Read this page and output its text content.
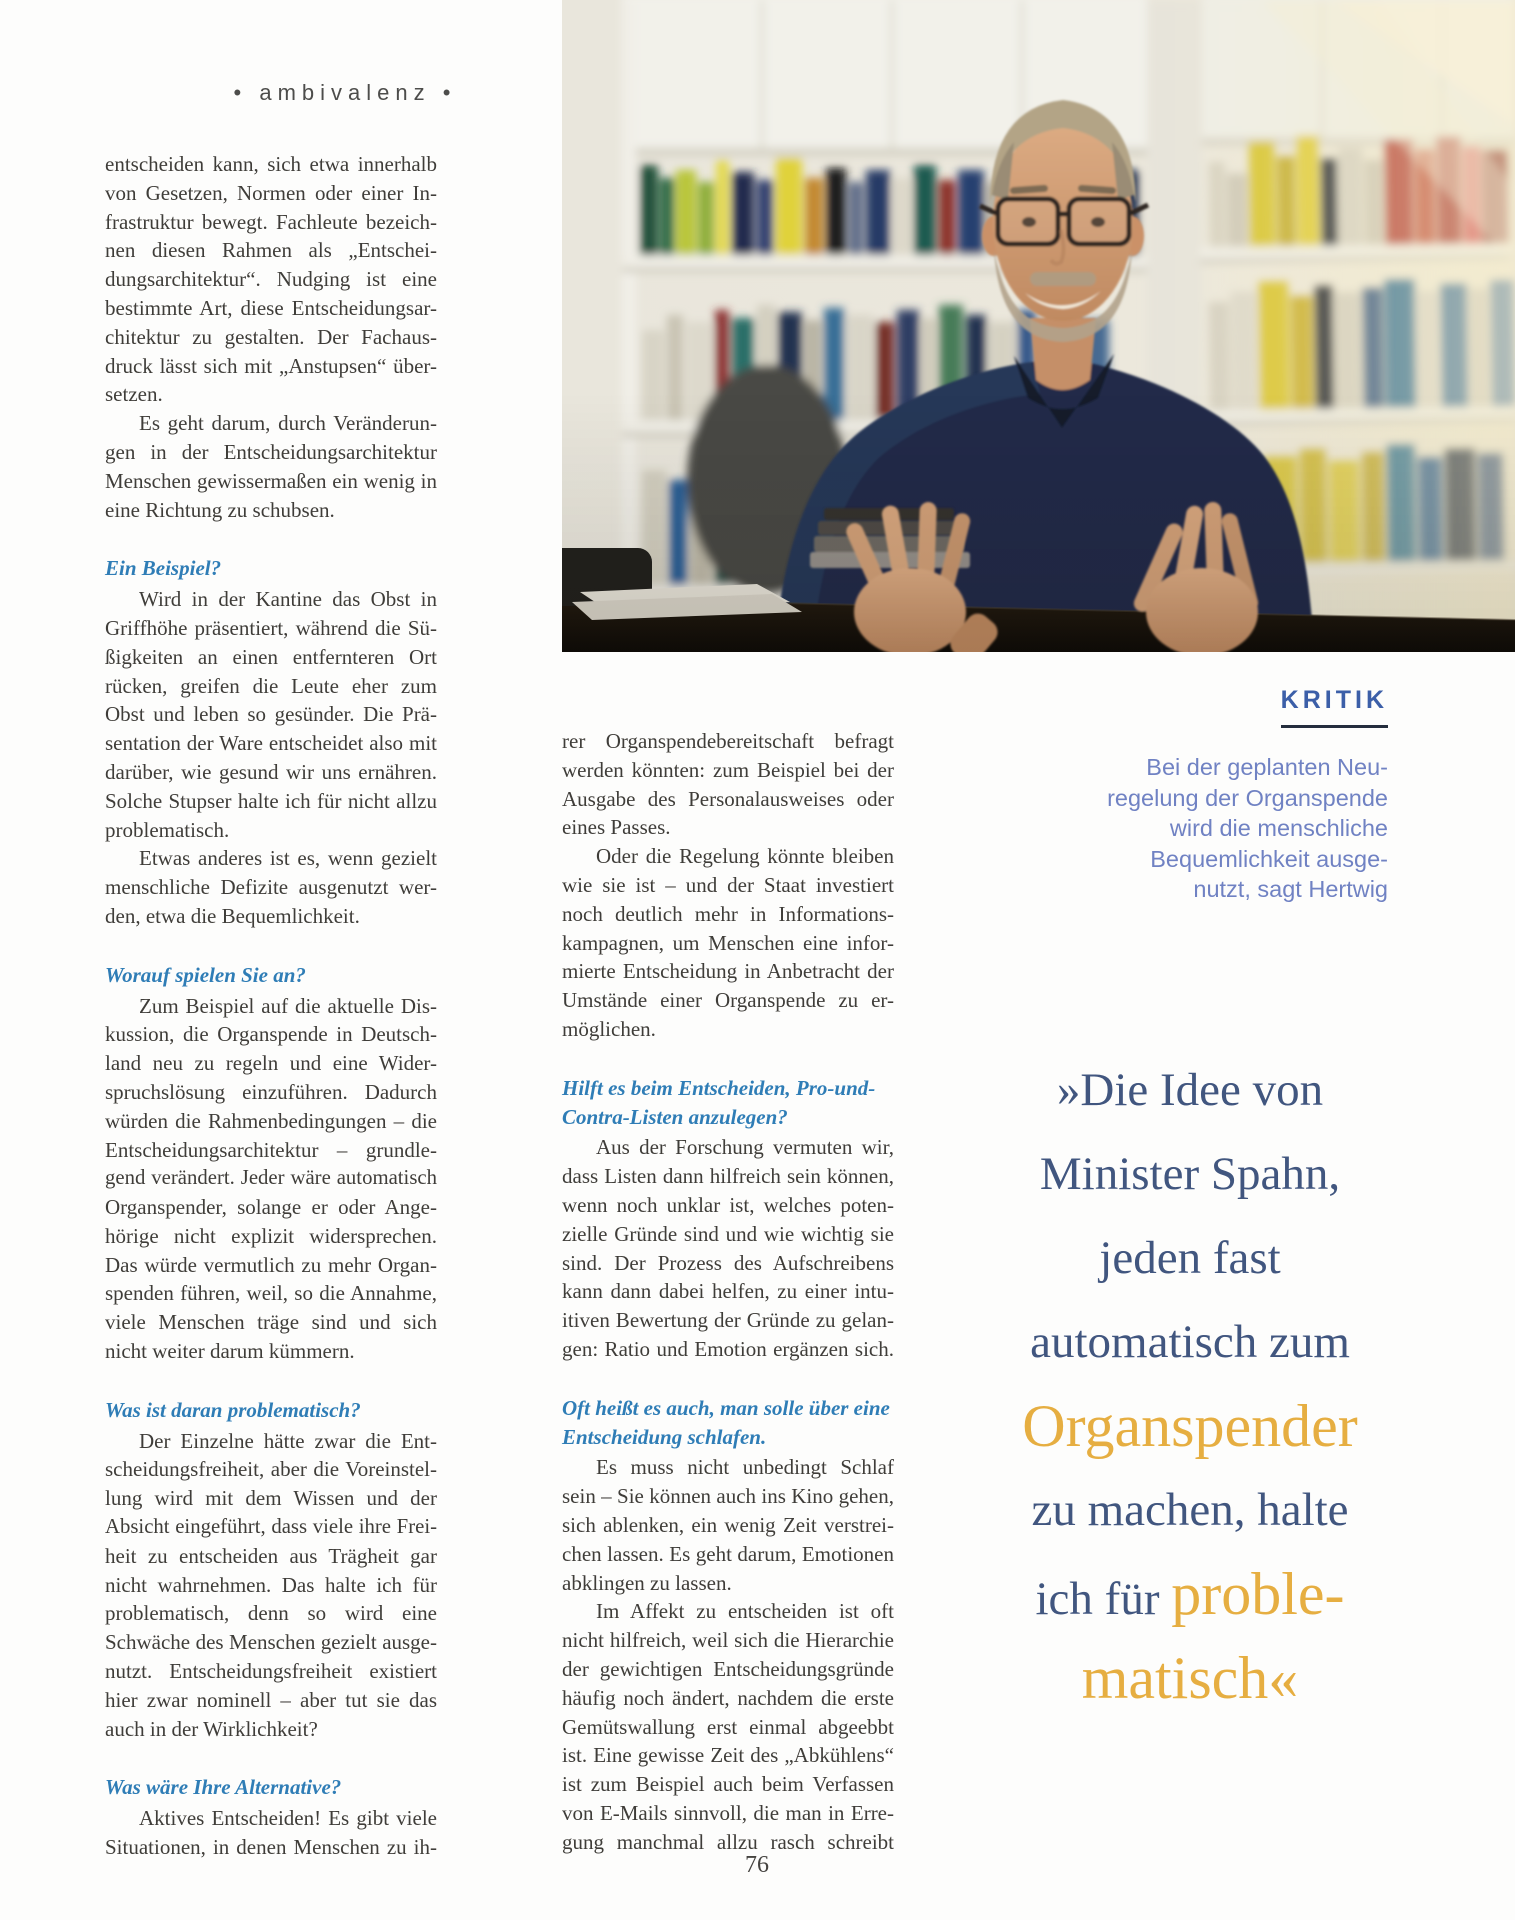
• ambivalenz •
entscheiden kann, sich etwa innerhalb
von Gesetzen, Normen oder einer In-
frastruktur bewegt. Fachleute bezeich-
nen diesen Rahmen als „Entschei-
dungsarchitektur“. Nudging ist eine
bestimmte Art, diese Entscheidungsar-
chitektur zu gestalten. Der Fachaus-
druck lässt sich mit „Anstupsen“ über-
setzen.
Es geht darum, durch Veränderun-
gen in der Entscheidungsarchitektur
Menschen gewissermaßen ein wenig in
eine Richtung zu schubsen.
Ein Beispiel?
Wird in der Kantine das Obst in
Griffhöhe präsentiert, während die Sü-
ßigkeiten an einen entfernteren Ort
rücken, greifen die Leute eher zum
Obst und leben so gesünder. Die Prä-
sentation der Ware entscheidet also mit
darüber, wie gesund wir uns ernähren.
Solche Stupser halte ich für nicht allzu
problematisch.
Etwas anderes ist es, wenn gezielt
menschliche Defizite ausgenutzt wer-
den, etwa die Bequemlichkeit.
Worauf spielen Sie an?
Zum Beispiel auf die aktuelle Dis-
kussion, die Organspende in Deutsch-
land neu zu regeln und eine Wider-
spruchslösung einzuführen. Dadurch
würden die Rahmenbedingungen – die
Entscheidungsarchitektur – grundle-
gend verändert. Jeder wäre automatisch
Organspender, solange er oder Ange-
hörige nicht explizit widersprechen.
Das würde vermutlich zu mehr Organ-
spenden führen, weil, so die Annahme,
viele Menschen träge sind und sich
nicht weiter darum kümmern.
Was ist daran problematisch?
Der Einzelne hätte zwar die Ent-
scheidungsfreiheit, aber die Voreinstel-
lung wird mit dem Wissen und der
Absicht eingeführt, dass viele ihre Frei-
heit zu entscheiden aus Trägheit gar
nicht wahrnehmen. Das halte ich für
problematisch, denn so wird eine
Schwäche des Menschen gezielt ausge-
nutzt. Entscheidungsfreiheit existiert
hier zwar nominell – aber tut sie das
auch in der Wirklichkeit?
Was wäre Ihre Alternative?
Aktives Entscheiden! Es gibt viele
Situationen, in denen Menschen zu ih-
rer Organspendebereitschaft befragt
werden könnten: zum Beispiel bei der
Ausgabe des Personalausweises oder
eines Passes.
Oder die Regelung könnte bleiben
wie sie ist – und der Staat investiert
noch deutlich mehr in Informations-
kampagnen, um Menschen eine infor-
mierte Entscheidung in Anbetracht der
Umstände einer Organspende zu er-
möglichen.
Hilft es beim Entscheiden, Pro-und-
Contra-Listen anzulegen?
Aus der Forschung vermuten wir,
dass Listen dann hilfreich sein können,
wenn noch unklar ist, welches poten-
zielle Gründe sind und wie wichtig sie
sind. Der Prozess des Aufschreibens
kann dann dabei helfen, zu einer intu-
itiven Bewertung der Gründe zu gelan-
gen: Ratio und Emotion ergänzen sich.
Oft heißt es auch, man solle über eine
Entscheidung schlafen.
Es muss nicht unbedingt Schlaf
sein – Sie können auch ins Kino gehen,
sich ablenken, ein wenig Zeit verstrei-
chen lassen. Es geht darum, Emotionen
abklingen zu lassen.
Im Affekt zu entscheiden ist oft
nicht hilfreich, weil sich die Hierarchie
der gewichtigen Entscheidungsgründe
häufig noch ändert, nachdem die erste
Gemütswallung erst einmal abgeebbt
ist. Eine gewisse Zeit des „Abkühlens“
ist zum Beispiel auch beim Verfassen
von E-Mails sinnvoll, die man in Erre-
gung manchmal allzu rasch schreibt
KRITIK
Bei der geplanten Neu-
regelung der Organspende
wird die menschliche
Bequemlichkeit ausge-
nutzt, sagt Hertwig
»Die Idee von
Minister Spahn,
jeden fast
automatisch zum
Organspender
zu machen, halte
ich für proble-
matisch«
76
